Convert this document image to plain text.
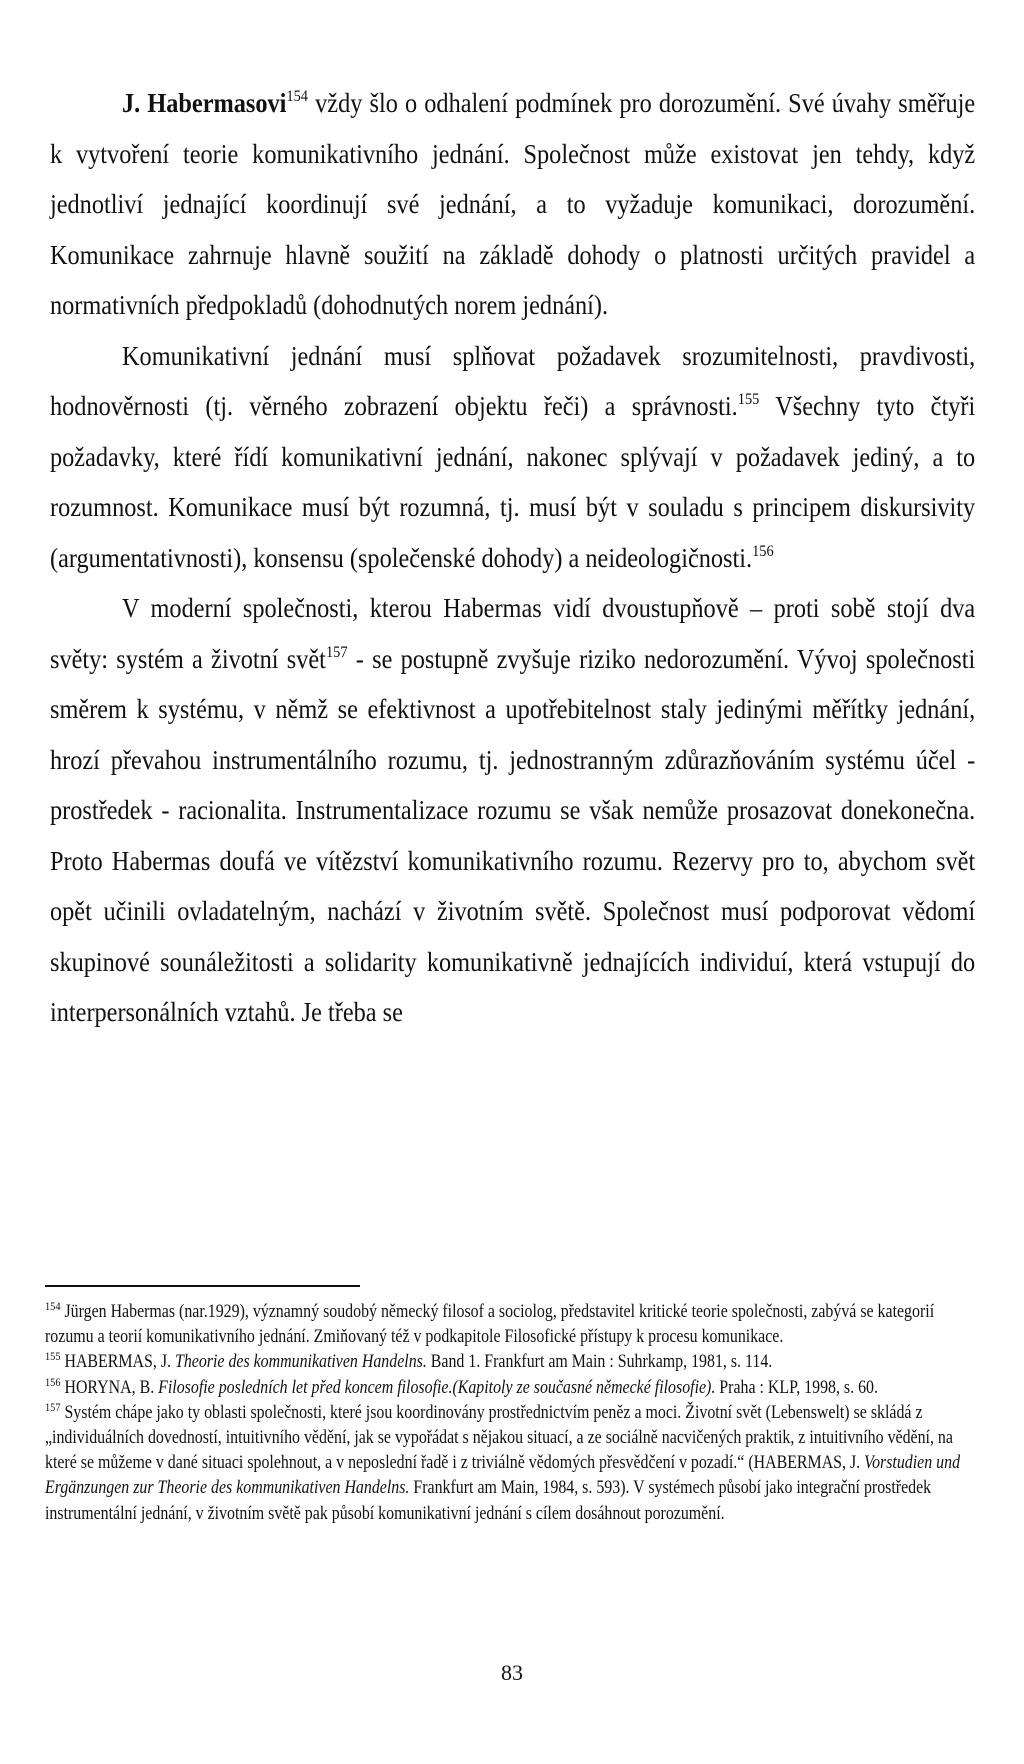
J. Habermasovi$^{154}$ vždy šlo o odhalení podmínek pro dorozumění. Své úvahy směřuje k vytvoření teorie komunikativního jednání. Společnost může existovat jen tehdy, když jednotliví jednající koordinují své jednání, a to vyžaduje komunikaci, dorozumění. Komunikace zahrnuje hlavně soužití na základě dohody o platnosti určitých pravidel a normativních předpokladů (dohodnutých norem jednání).

Komunikativní jednání musí splňovat požadavek srozumitelnosti, pravdivosti, hodnověrnosti (tj. věrného zobrazení objektu řeči) a správnosti.$^{155}$ Všechny tyto čtyři požadavky, které řídí komunikativní jednání, nakonec splývají v požadavek jediný, a to rozumnost. Komunikace musí být rozumná, tj. musí být v souladu s principem diskursivity (argumentativnosti), konsensu (společenské dohody) a neideologičnosti.$^{156}$

V moderní společnosti, kterou Habermas vidí dvoustupňově – proti sobě stojí dva světy: systém a životní svět$^{157}$ - se postupně zvyšuje riziko nedorozumění. Vývoj společnosti směrem k systému, v němž se efektivnost a upotřebitelnost staly jedinými měřítky jednání, hrozí převahou instrumentálního rozumu, tj. jednostranným zdůrazňováním systému účel - prostředek - racionalita. Instrumentalizace rozumu se však nemůže prosazovat donekonečna. Proto Habermas doufá ve vítězství komunikativního rozumu. Rezervy pro to, abychom svět opět učinili ovladatelným, nachází v životním světě. Společnost musí podporovat vědomí skupinové sounáležitosti a solidarity komunikativně jednajících individuí, která vstupují do interpersonálních vztahů. Je třeba se

$^{154}$ Jürgen Habermas (nar.1929), významný soudobý německý filosof a sociolog, představitel kritické teorie společnosti, zabývá se kategorií rozumu a teorií komunikativního jednání. Zmiňovaný též v podkapitole Filosofické přístupy k procesu komunikace.

$^{155}$ HABERMAS, J. Theorie des kommunikativen Handelns. Band 1. Frankfurt am Main : Suhrkamp, 1981, s. 114.

$^{156}$ HORYNA, B. Filosofie posledních let před koncem filosofie.(Kapitoly ze současné německé filosofie). Praha : KLP, 1998, s. 60.

$^{157}$ Systém chápe jako ty oblasti společnosti, které jsou koordinovány prostřednictvím peněz a moci. Životní svět (Lebenswelt) se skládá z „individuálních dovedností, intuitivního vědění, jak se vypořádat s nějakou situací, a ze sociálně nacvičených praktik, z intuitivního vědění, na které se můžeme v dané situaci spolehnout, a v neposlední řadě i z triviálně vědomých přesvědčení v pozadí.“ (HABERMAS, J. Vorstudien und Ergänzungen zur Theorie des kommunikativen Handelns. Frankfurt am Main, 1984, s. 593). V systémech působí jako integrační prostředek instrumentální jednání, v životním světě pak působí komunikativní jednání s cílem dosáhnout porozumění.

83
